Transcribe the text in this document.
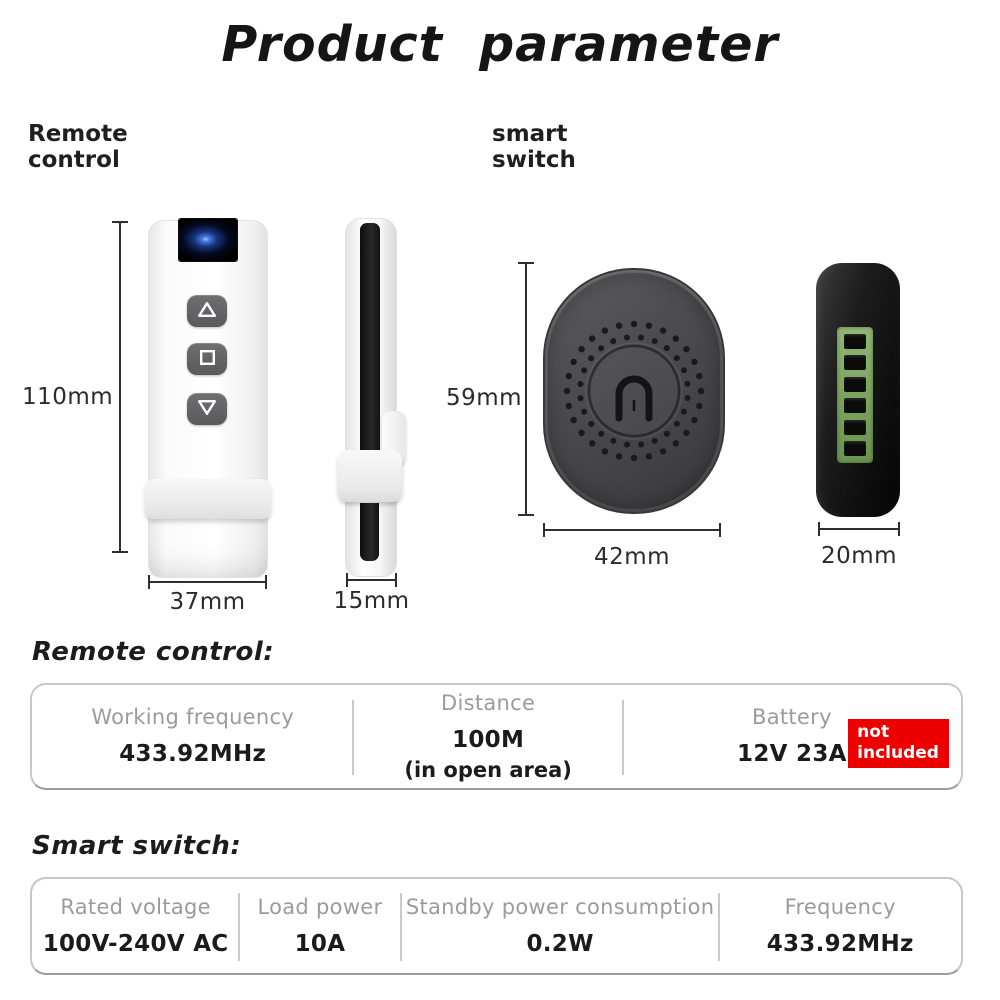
Product parameter
Remote
control
smart
switch
110mm
37mm	15mm
59mm
42mm	20mm
Remote control:
Working frequency
433.92MHz
Distance
100M
(in open area)
Battery
12V 23A
not
included
Smart switch:
Rated voltage
100V-240V AC
Load power
10A
Standby power consumption
0.2W
Frequency
433.92MHz
